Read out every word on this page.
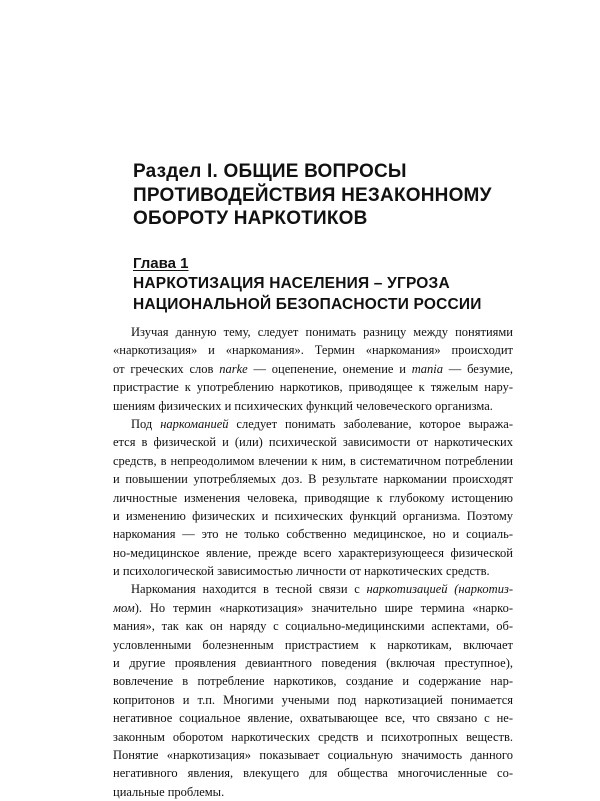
Раздел I. ОБЩИЕ ВОПРОСЫ
ПРОТИВОДЕЙСТВИЯ НЕЗАКОННОМУ
ОБОРОТУ НАРКОТИКОВ
Глава 1
НАРКОТИЗАЦИЯ НАСЕЛЕНИЯ – УГРОЗА
НАЦИОНАЛЬНОЙ БЕЗОПАСНОСТИ РОССИИ
Изучая данную тему, следует понимать разницу между понятиями
«наркотизация» и «наркомания». Термин «наркомания» происходит
от греческих слов narke — оцепенение, онемение и mania — безумие,
пристрастие к употреблению наркотиков, приводящее к тяжелым нару-
шениям физических и психических функций человеческого организма.
Под наркоманией следует понимать заболевание, которое выража-
ется в физической и (или) психической зависимости от наркотических
средств, в непреодолимом влечении к ним, в систематичном потреблении
и повышении употребляемых доз. В результате наркомании происходят
личностные изменения человека, приводящие к глубокому истощению
и изменению физических и психических функций организма. Поэтому
наркомания — это не только собственно медицинское, но и социаль-
но-медицинское явление, прежде всего характеризующееся физической
и психологической зависимостью личности от наркотических средств.
Наркомания находится в тесной связи с наркотизацией (наркотиз-
мом). Но термин «наркотизация» значительно шире термина «нарко-
мания», так как он наряду с социально-медицинскими аспектами, об-
условленными болезненным пристрастием к наркотикам, включает
и другие проявления девиантного поведения (включая преступное),
вовлечение в потребление наркотиков, создание и содержание нар-
копритонов и т.п. Многими учеными под наркотизацией понимается
негативное социальное явление, охватывающее все, что связано с не-
законным оборотом наркотических средств и психотропных веществ.
Понятие «наркотизация» показывает социальную значимость данного
негативного явления, влекущего для общества многочисленные со-
циальные проблемы.
